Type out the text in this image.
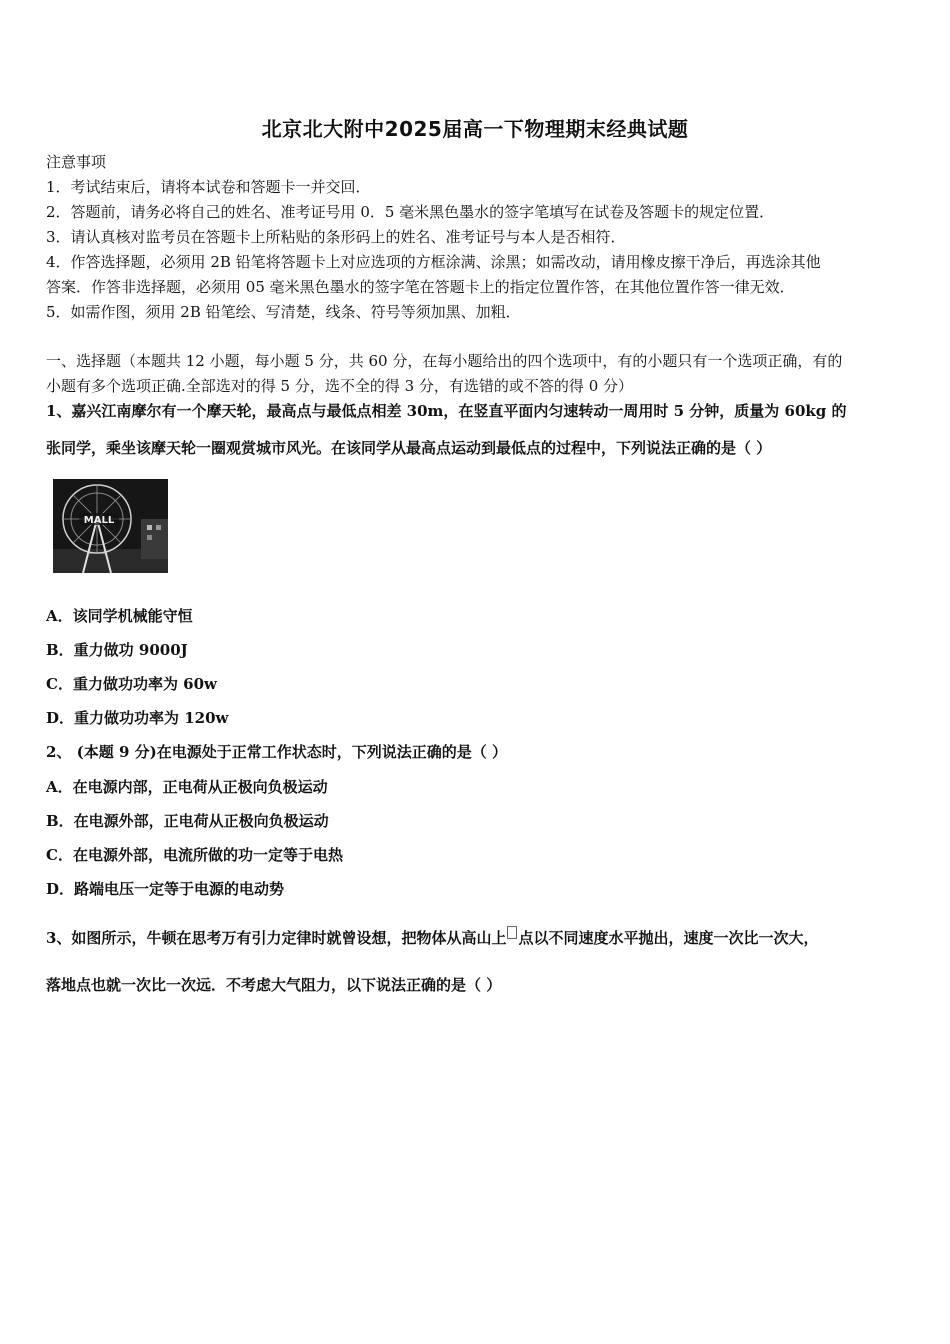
北京北大附中2025届高一下物理期末经典试题
注意事项
1．考试结束后，请将本试卷和答题卡一并交回．
2．答题前，请务必将自己的姓名、准考证号用 0．5 毫米黑色墨水的签字笔填写在试卷及答题卡的规定位置．
3．请认真核对监考员在答题卡上所粘贴的条形码上的姓名、准考证号与本人是否相符．
4．作答选择题，必须用 2B 铅笔将答题卡上对应选项的方框涂满、涂黑；如需改动，请用橡皮擦干净后，再选涂其他
答案．作答非选择题，必须用 05 毫米黑色墨水的签字笔在答题卡上的指定位置作答，在其他位置作答一律无效．
5．如需作图，须用 2B 铅笔绘、写清楚，线条、符号等须加黑、加粗．
一、选择题（本题共 12 小题，每小题 5 分，共 60 分，在每小题给出的四个选项中，有的小题只有一个选项正确，有的
小题有多个选项正确.全部选对的得 5 分，选不全的得 3 分，有选错的或不答的得 0 分）
1、嘉兴江南摩尔有一个摩天轮，最高点与最低点相差 30m，在竖直平面内匀速转动一周用时 5 分钟，质量为 60kg 的
张同学，乘坐该摩天轮一圈观赏城市风光。在该同学从最高点运动到最低点的过程中，下列说法正确的是（ ）
MALL
A．该同学机械能守恒
B．重力做功 9000J
C．重力做功功率为 60w
D．重力做功功率为 120w
2、 (本题 9 分)在电源处于正常工作状态时，下列说法正确的是（ ）
A．在电源内部，正电荷从正极向负极运动
B．在电源外部，正电荷从正极向负极运动
C．在电源外部，电流所做的功一定等于电热
D．路端电压一定等于电源的电动势
3、如图所示，牛顿在思考万有引力定律时就曾设想，把物体从高山上 点以不同速度水平抛出，速度一次比一次大，
落地点也就一次比一次远．不考虑大气阻力，以下说法正确的是（ ）
